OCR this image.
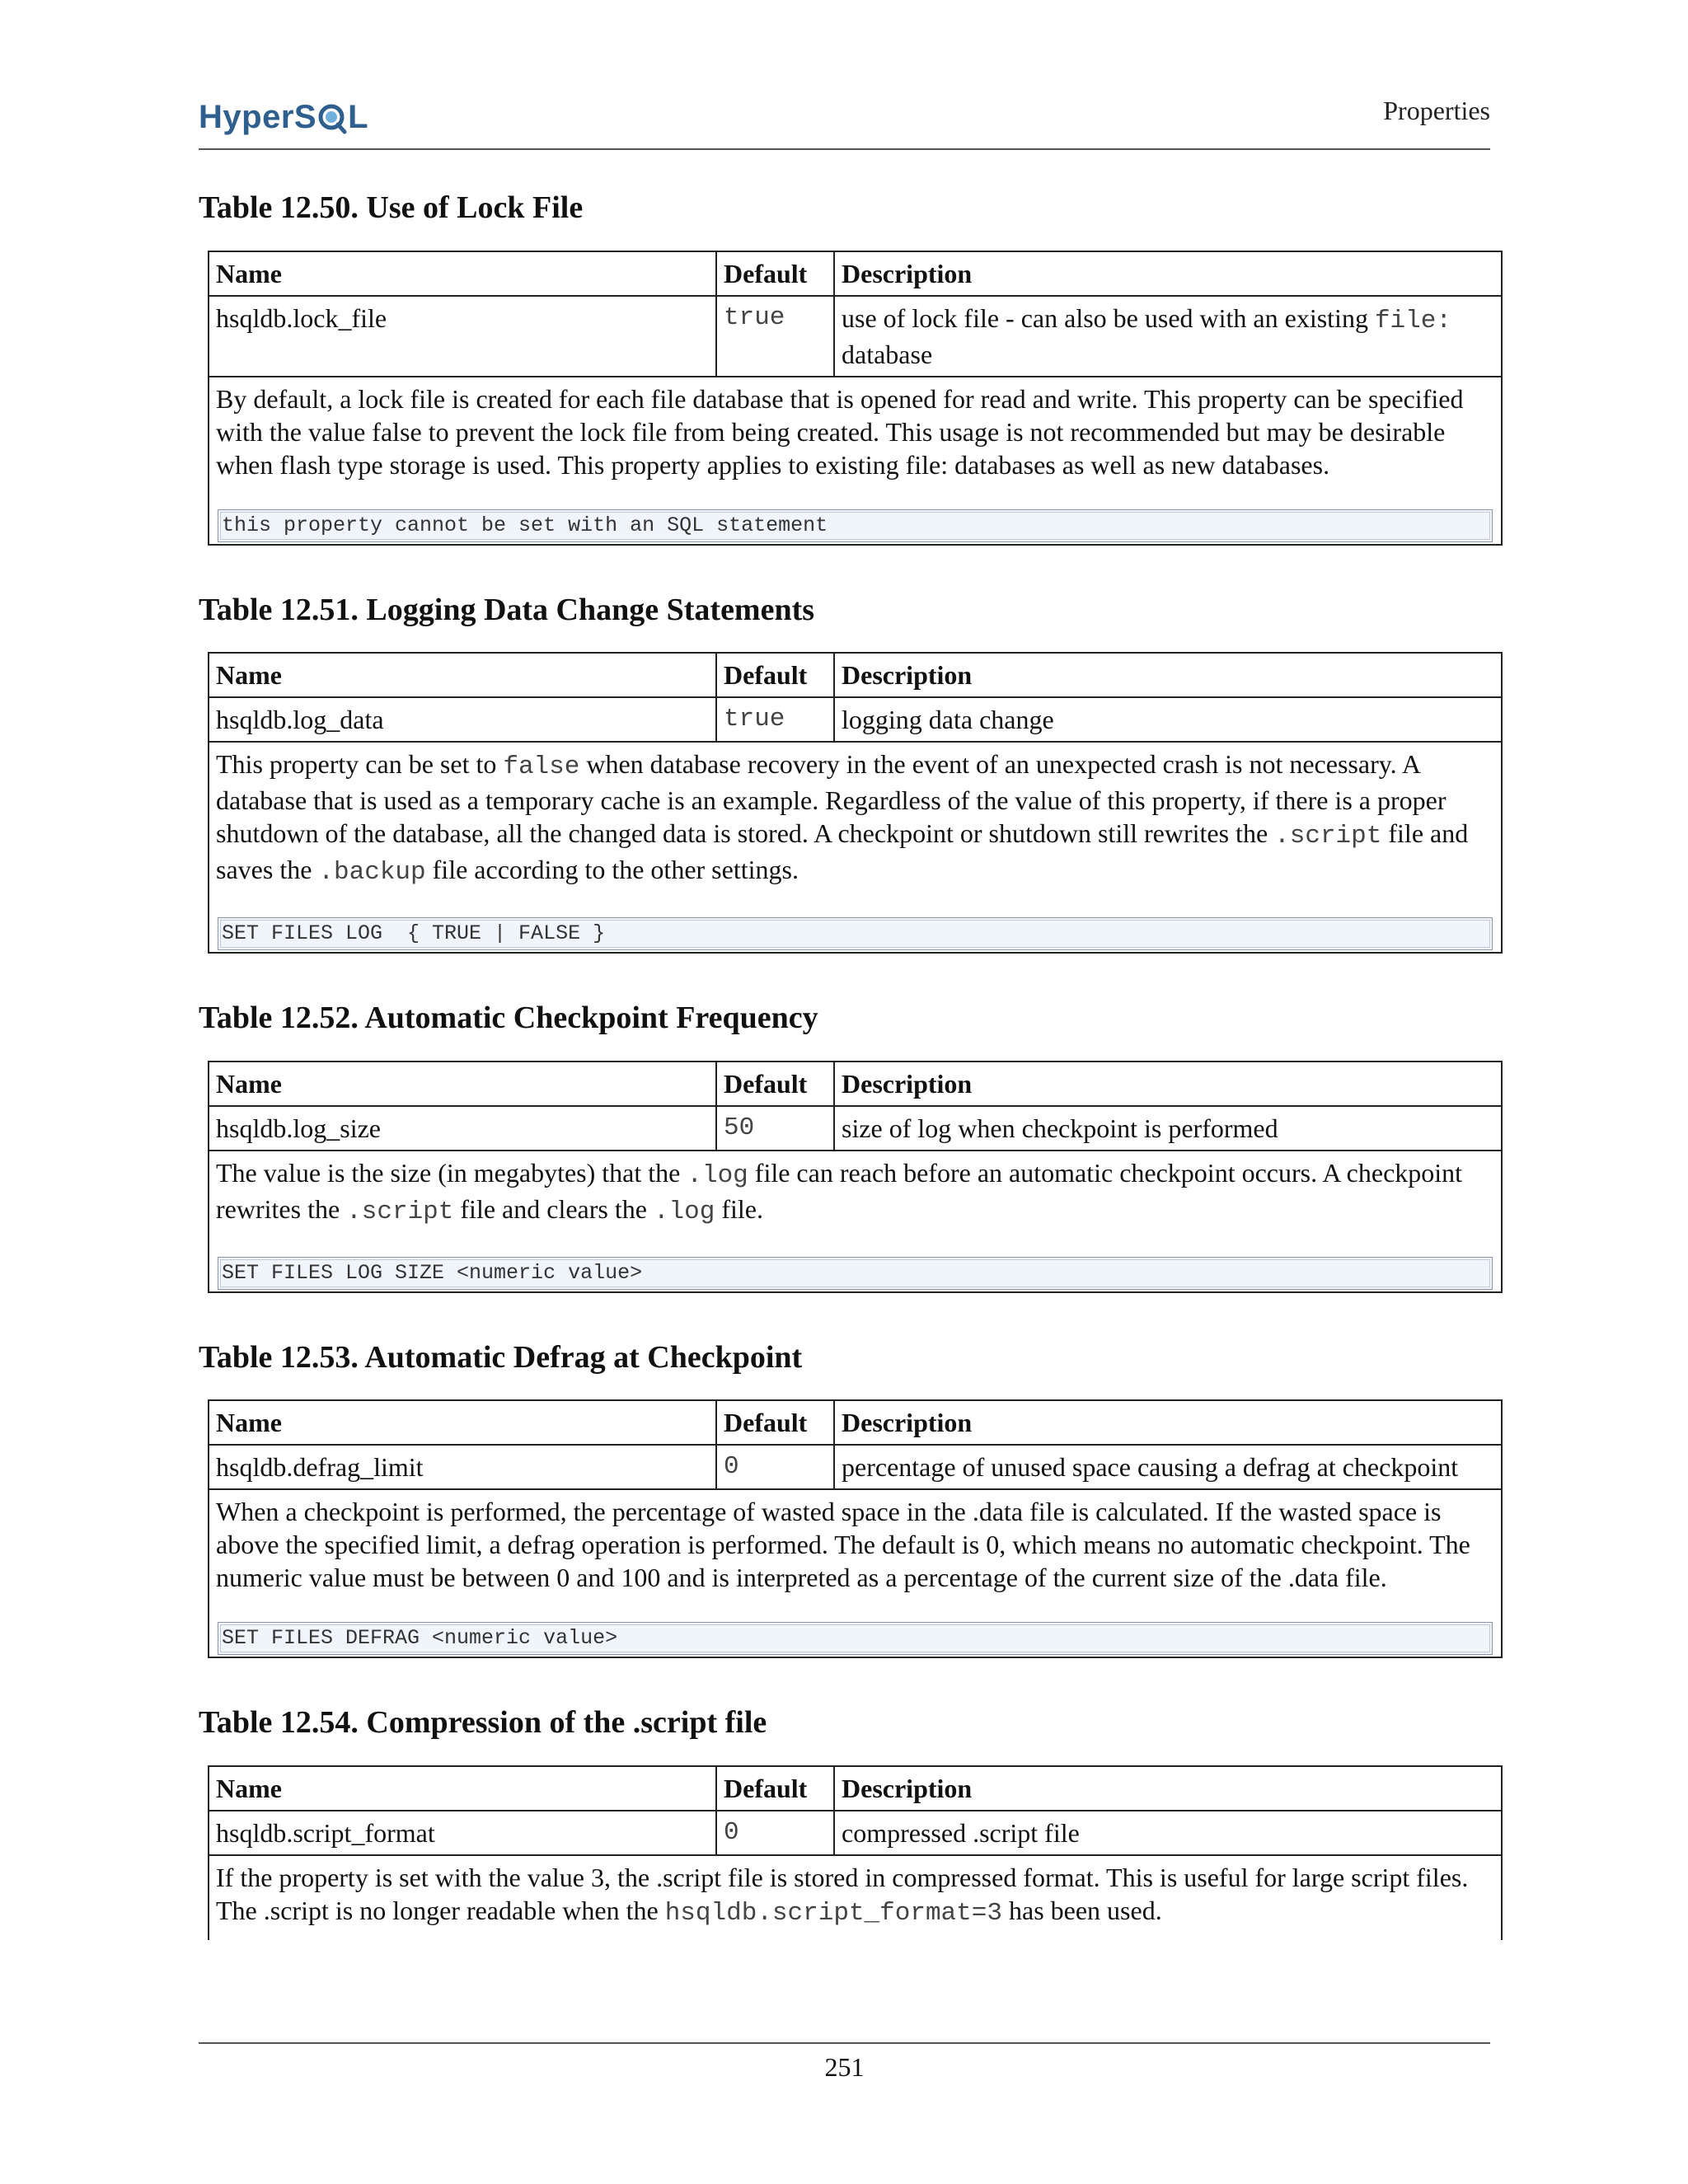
HyperS L	Properties
Table 12.50. Use of Lock File
Name	Default	Description
hsqldb.lock_file	true	use of lock file - can also be used with an existing file: database

By default, a lock file is created for each file database that is opened for read and write. This property can be specified with the value false to prevent the lock file from being created. This usage is not recommended but may be desirable when flash type storage is used. This property applies to existing file: databases as well as new databases.

this property cannot be set with an SQL statement
Table 12.51. Logging Data Change Statements
Name	Default	Description
hsqldb.log_data	true	logging data change

This property can be set to false when database recovery in the event of an unexpected crash is not necessary. A database that is used as a temporary cache is an example. Regardless of the value of this property, if there is a proper shutdown of the database, all the changed data is stored. A checkpoint or shutdown still rewrites the .script file and saves the .backup file according to the other settings.

SET FILES LOG  { TRUE | FALSE }
Table 12.52. Automatic Checkpoint Frequency
Name	Default	Description
hsqldb.log_size	50	size of log when checkpoint is performed

The value is the size (in megabytes) that the .log file can reach before an automatic checkpoint occurs. A checkpoint rewrites the .script file and clears the .log file.

SET FILES LOG SIZE <numeric value>
Table 12.53. Automatic Defrag at Checkpoint
Name	Default	Description
hsqldb.defrag_limit	0	percentage of unused space causing a defrag at checkpoint

When a checkpoint is performed, the percentage of wasted space in the .data file is calculated. If the wasted space is above the specified limit, a defrag operation is performed. The default is 0, which means no automatic checkpoint. The numeric value must be between 0 and 100 and is interpreted as a percentage of the current size of the .data file.

SET FILES DEFRAG <numeric value>
Table 12.54. Compression of the .script file
Name	Default	Description
hsqldb.script_format	0	compressed .script file

If the property is set with the value 3, the .script file is stored in compressed format. This is useful for large script files. The .script is no longer readable when the hsqldb.script_format=3 has been used.

251
